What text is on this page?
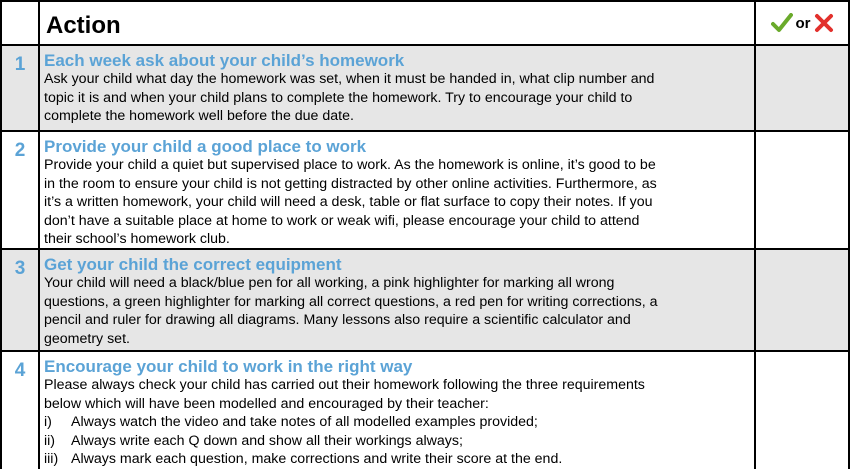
Action	or
1	Each week ask about your child’s homework
Ask your child what day the homework was set, when it must be handed in, what clip number and
topic it is and when your child plans to complete the homework. Try to encourage your child to
complete the homework well before the due date.
2	Provide your child a good place to work
Provide your child a quiet but supervised place to work. As the homework is online, it’s good to be
in the room to ensure your child is not getting distracted by other online activities. Furthermore, as
it’s a written homework, your child will need a desk, table or flat surface to copy their notes. If you
don’t have a suitable place at home to work or weak wifi, please encourage your child to attend
their school’s homework club.
3	Get your child the correct equipment
Your child will need a black/blue pen for all working, a pink highlighter for marking all wrong
questions, a green highlighter for marking all correct questions, a red pen for writing corrections, a
pencil and ruler for drawing all diagrams. Many lessons also require a scientific calculator and
geometry set.
4	Encourage your child to work in the right way
Please always check your child has carried out their homework following the three requirements
below which will have been modelled and encouraged by their teacher:
i)	Always watch the video and take notes of all modelled examples provided;
ii)	Always write each Q down and show all their workings always;
iii) Always mark each question, make corrections and write their score at the end.
